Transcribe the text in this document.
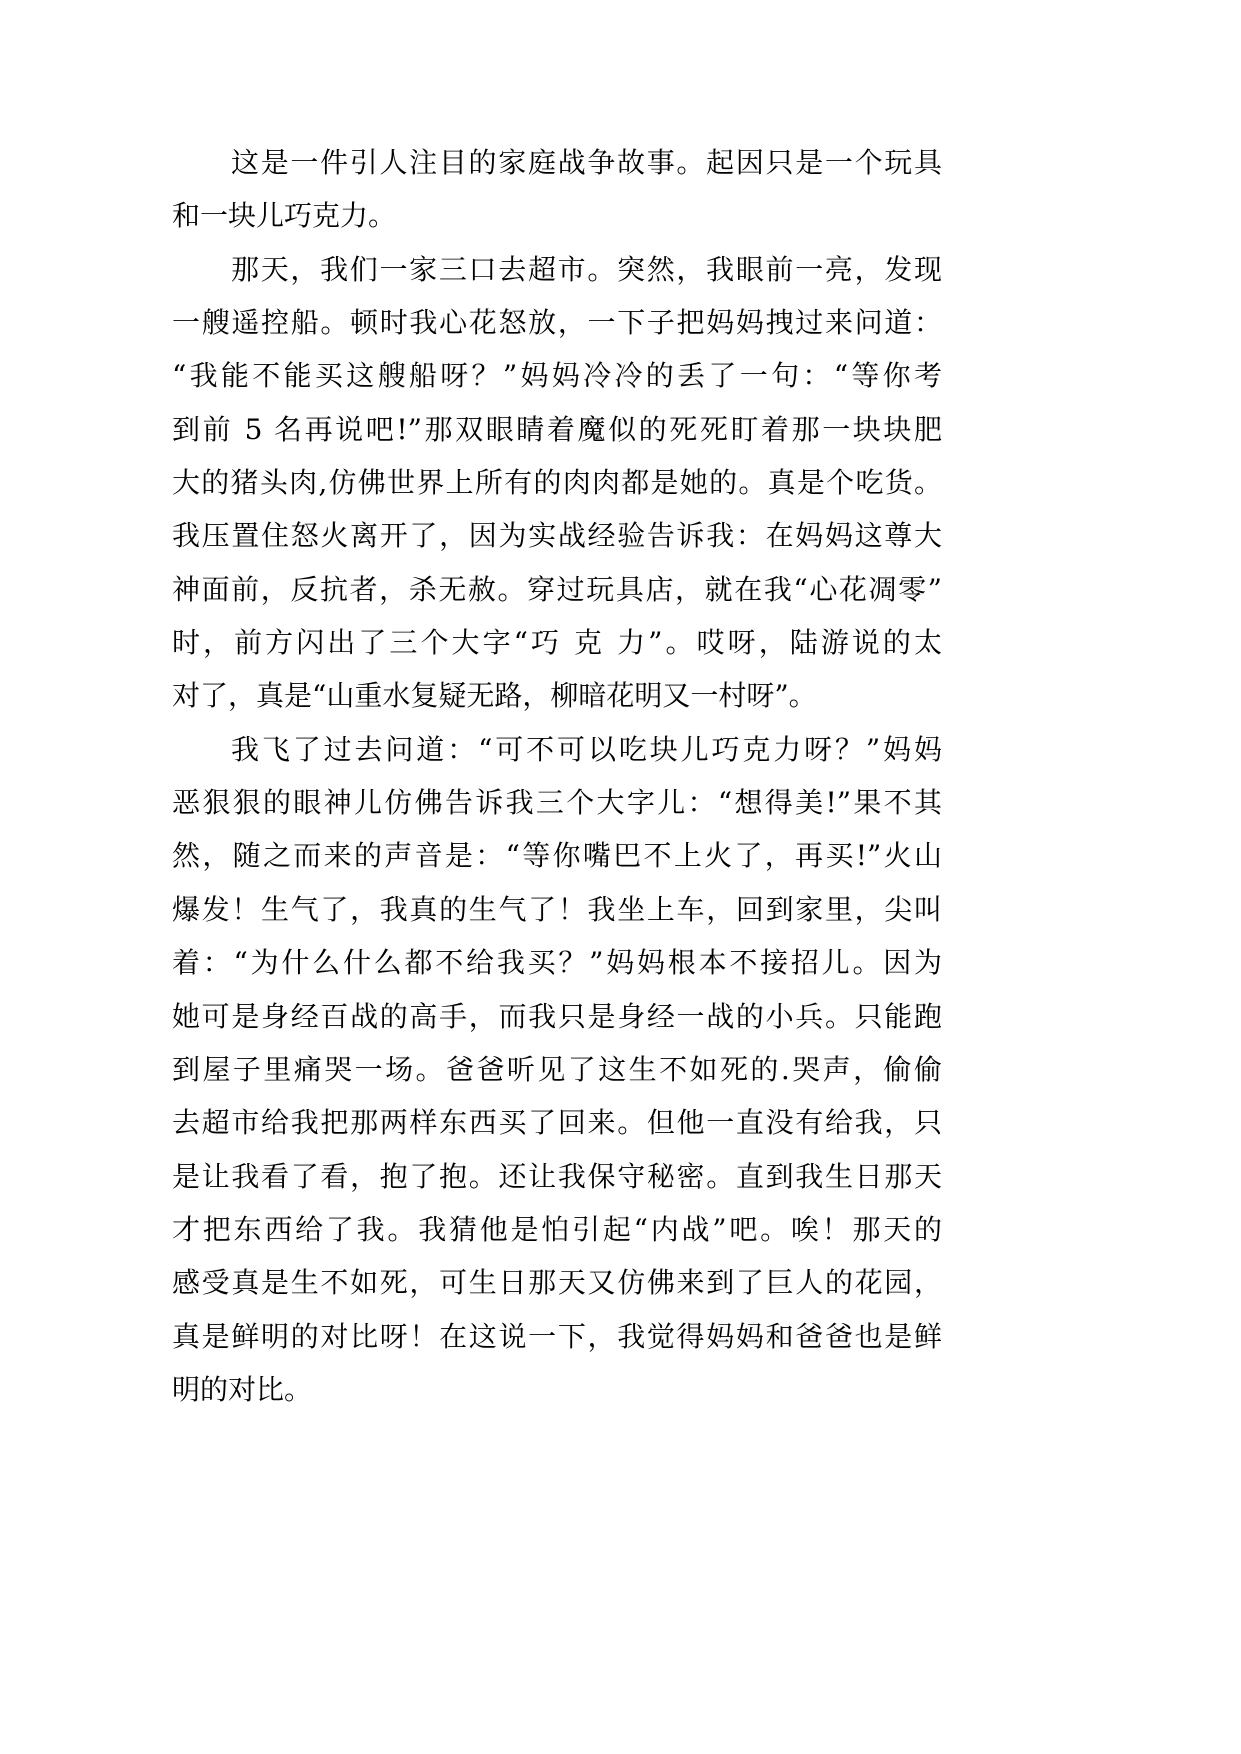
这是一件引人注目的家庭战争故事。起因只是一个玩具
和一块儿巧克力。
那天，我们一家三口去超市。突然，我眼前一亮，发现
一艘遥控船。顿时我心花怒放，一下子把妈妈拽过来问道：
“我能不能买这艘船呀？”妈妈冷冷的丢了一句：“等你考
到前 5 名再说吧!”那双眼睛着魔似的死死盯着那一块块肥
大的猪头肉,仿佛世界上所有的肉肉都是她的。真是个吃货。
我压置住怒火离开了，因为实战经验告诉我：在妈妈这尊大
神面前，反抗者，杀无赦。穿过玩具店，就在我“心花凋零”
时，前方闪出了三个大字“巧 克 力”。哎呀，陆游说的太
对了，真是“山重水复疑无路，柳暗花明又一村呀”。
我飞了过去问道：“可不可以吃块儿巧克力呀？”妈妈
恶狠狠的眼神儿仿佛告诉我三个大字儿：“想得美!”果不其
然，随之而来的声音是：“等你嘴巴不上火了，再买!”火山
爆发！生气了，我真的生气了！我坐上车，回到家里，尖叫
着：“为什么什么都不给我买？”妈妈根本不接招儿。因为
她可是身经百战的高手，而我只是身经一战的小兵。只能跑
到屋子里痛哭一场。爸爸听见了这生不如死的.哭声，偷偷
去超市给我把那两样东西买了回来。但他一直没有给我，只
是让我看了看，抱了抱。还让我保守秘密。直到我生日那天
才把东西给了我。我猜他是怕引起“内战”吧。唉！那天的
感受真是生不如死，可生日那天又仿佛来到了巨人的花园，
真是鲜明的对比呀！在这说一下，我觉得妈妈和爸爸也是鲜
明的对比。
